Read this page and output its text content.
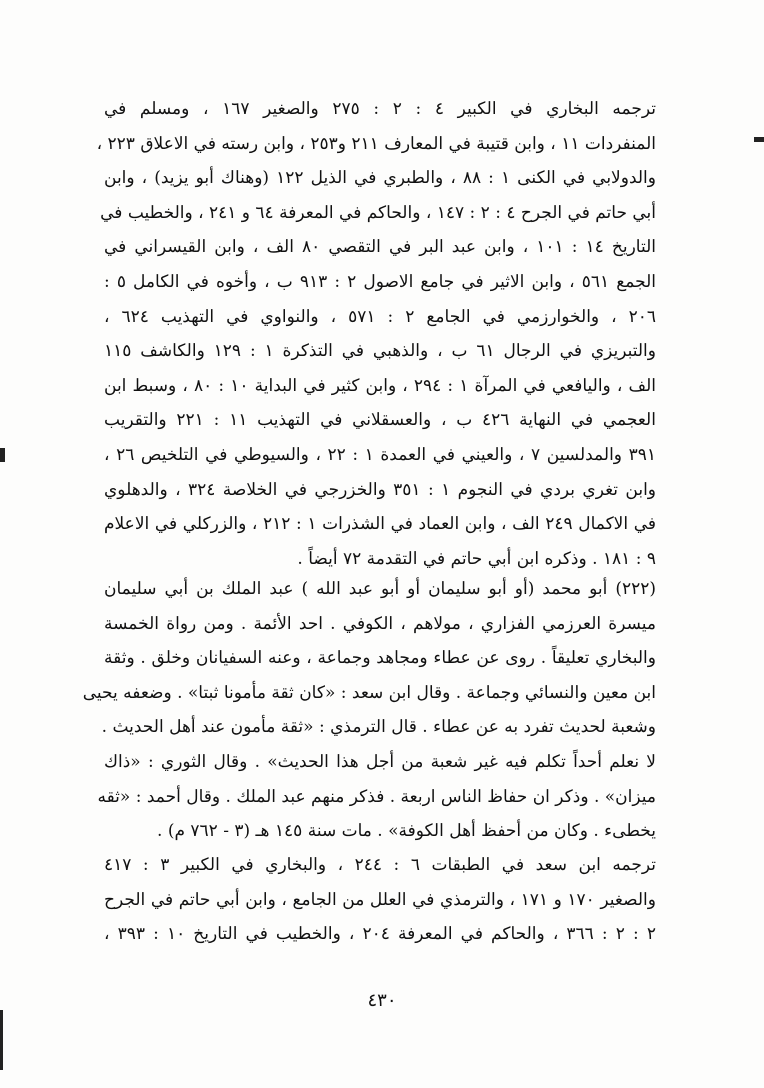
ترجمه البخاري في الكبير ٤ : ٢ : ٢٧٥ والصغير ١٦٧ ، ومسلم في
المنفردات ١١ ، وابن قتيبة في المعارف ٢١١ و٢٥٣ ، وابن رسته في الاعلاق ٢٢٣ ،
والدولابي في الكنى ١ : ٨٨ ، والطبري في الذيل ١٢٢ (وهناك أبو يزيد) ، وابن
أبي حاتم في الجرح ٤ : ٢ : ١٤٧ ، والحاكم في المعرفة ٦٤ و ٢٤١ ، والخطيب في
التاريخ ١٤ : ١٠١ ، وابن عبد البر في التقصي ٨٠ الف ، وابن القيسراني في
الجمع ٥٦١ ، وابن الاثير في جامع الاصول ٢ : ٩١٣ ب ، وأخوه في الكامل ٥ :
٢٠٦ ، والخوارزمي في الجامع ٢ : ٥٧١ ، والنواوي في التهذيب ٦٢٤ ،
والتبريزي في الرجال ٦١ ب ، والذهبي في التذكرة ١ : ١٢٩ والكاشف ١١٥
الف ، واليافعي في المرآة ١ : ٢٩٤ ، وابن كثير في البداية ١٠ : ٨٠ ، وسبط ابن
العجمي في النهاية ٤٢٦ ب ، والعسقلاني في التهذيب ١١ : ٢٢١ والتقريب
٣٩١ والمدلسين ٧ ، والعيني في العمدة ١ : ٢٢ ، والسيوطي في التلخيص ٢٦ ،
وابن تغري بردي في النجوم ١ : ٣٥١ والخزرجي في الخلاصة ٣٢٤ ، والدهلوي
في الاكمال ٢٤٩ الف ، وابن العماد في الشذرات ١ : ٢١٢ ، والزركلي في الاعلام
٩ : ١٨١ . وذكره ابن أبي حاتم في التقدمة ٧٢ أيضاً .
(٢٢٢) أبو محمد (أو أبو سليمان أو أبو عبد الله ) عبد الملك بن أبي سليمان
ميسرة العرزمي الفزاري ، مولاهم ، الكوفي . احد الأئمة . ومن رواة الخمسة
والبخاري تعليقاً . روى عن عطاء ومجاهد وجماعة ، وعنه السفيانان وخلق . وثقة
ابن معين والنسائي وجماعة . وقال ابن سعد : «كان ثقة مأمونا ثبتا» . وضعفه يحيى
وشعبة لحديث تفرد به عن عطاء . قال الترمذي : «ثقة مأمون عند أهل الحديث .
لا نعلم أحداً تكلم فيه غير شعبة من أجل هذا الحديث» . وقال الثوري : «ذاك
ميزان» . وذكر ان حفاظ الناس اربعة . فذكر منهم عبد الملك . وقال أحمد : «ثقه
يخطىء . وكان من أحفظ أهل الكوفة» . مات سنة ١٤٥ هـ (٣ - ٧٦٢ م) .
ترجمه ابن سعد في الطبقات ٦ : ٢٤٤ ، والبخاري في الكبير ٣ : ٤١٧
والصغير ١٧٠ و ١٧١ ، والترمذي في العلل من الجامع ، وابن أبي حاتم في الجرح
٢ : ٢ : ٣٦٦ ، والحاكم في المعرفة ٢٠٤ ، والخطيب في التاريخ ١٠ : ٣٩٣ ،
٤٣٠
